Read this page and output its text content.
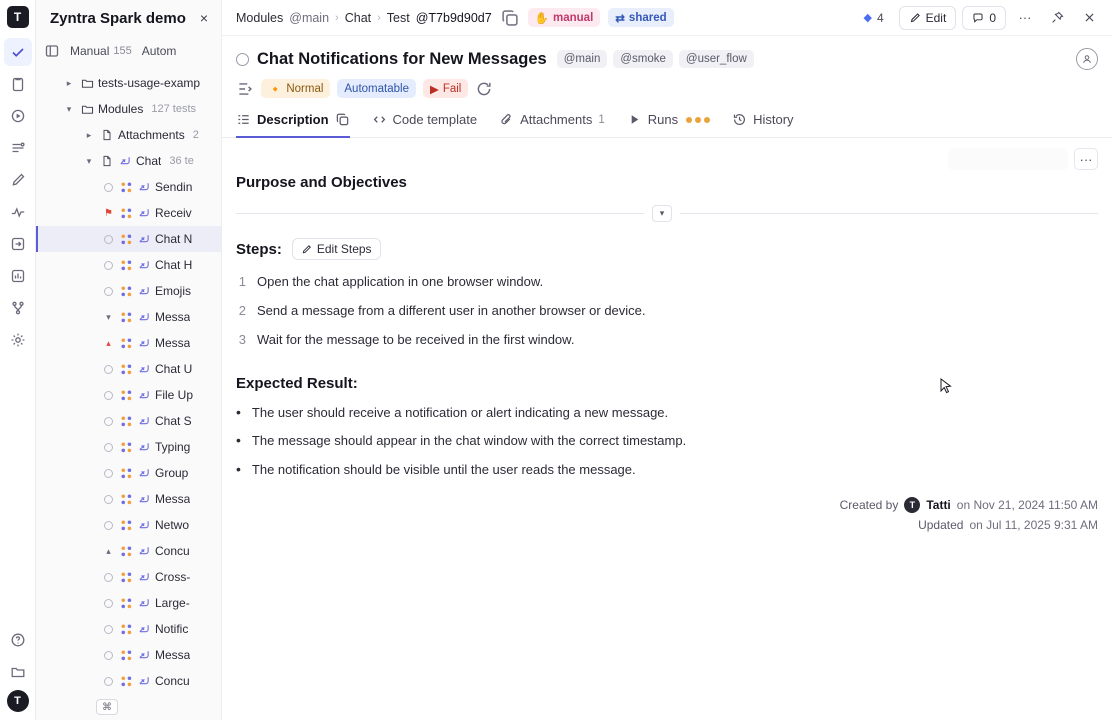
T
T
Zyntra Spark demo	×
Manual 155 Autom
▸	tests-usage-examp
▾	Modules 127 tests
▸	Attachments 2
▾	Chat 36 te
Sendin
⚑	Receiv
Chat N
Chat H
Emojis
▾	Messa
▴	Messa
Chat U
File Up
Chat S
Typing
Group
Messa
Netwo
▴	Concu
Cross-
Large-
Notific
Messa
Concu
⌘
Modules @main › Chat › Test @T7b9d90d7	✋ manual ⇄ shared	◆ 4	Edit	0	···
Chat Notifications for New Messages	@main	@smoke	@user_flow
🔸 Normal	Automatable	▶ Fail
Description	Code template	Attachments 1	Runs	History
···
Purpose and Objectives
▾
Steps:	Edit Steps
1 Open the chat application in one browser window.
2 Send a message from a different user in another browser or device.
3 Wait for the message to be received in the first window.
Expected Result:
• The user should receive a notification or alert indicating a new message.
• The message should appear in the chat window with the correct timestamp.
• The notification should be visible until the user reads the message.
Created by	T Tatti on Nov 21, 2024 11:50 AM
Updated on Jul 11, 2025 9:31 AM
